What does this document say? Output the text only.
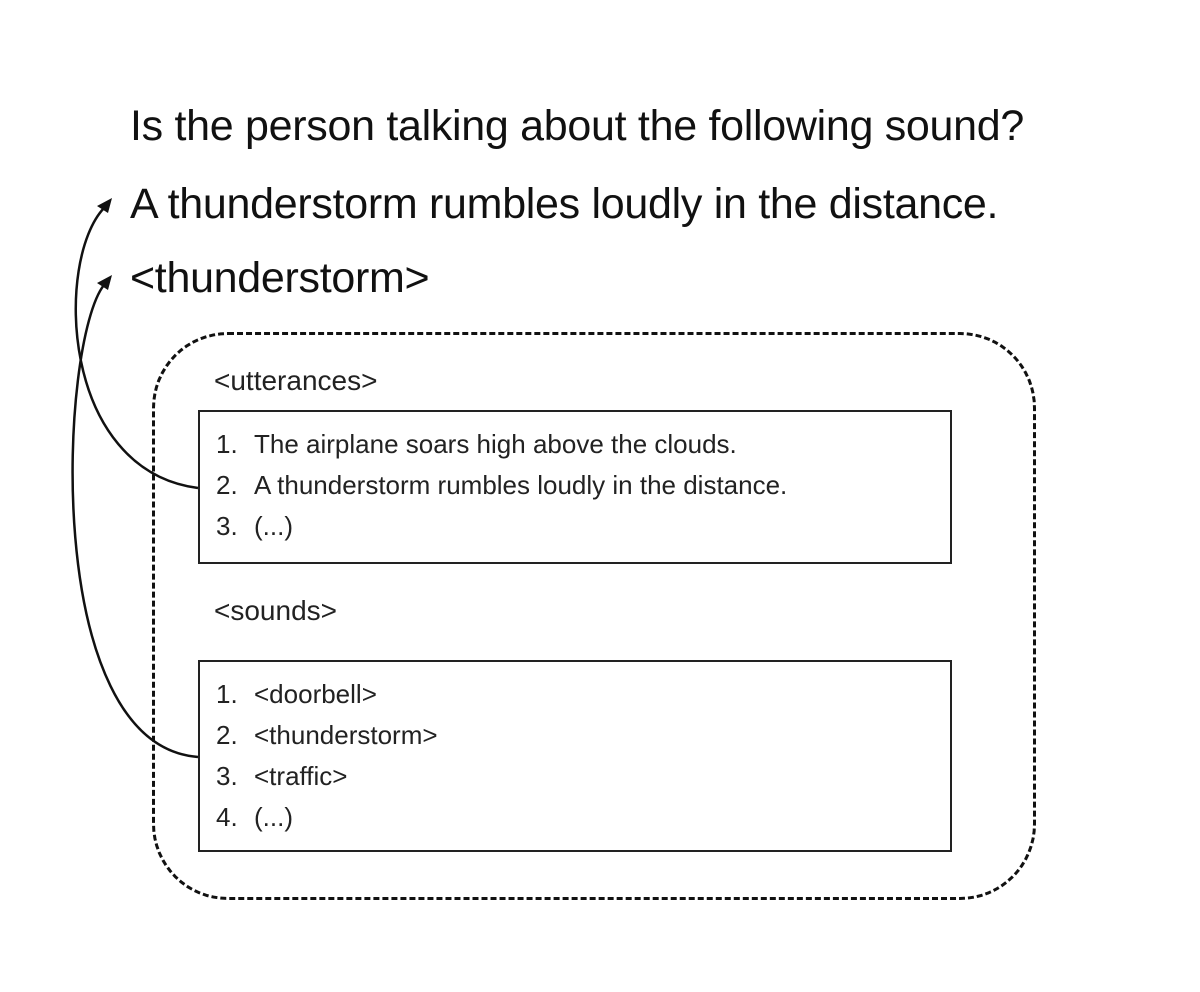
Is the person talking about the following sound?
A thunderstorm rumbles loudly in the distance.
<thunderstorm>
<utterances>
1. The airplane soars high above the clouds.
2. A thunderstorm rumbles loudly in the distance.
3. (...)
<sounds>
1. <doorbell>
2. <thunderstorm>
3. <traffic>
4. (...)
